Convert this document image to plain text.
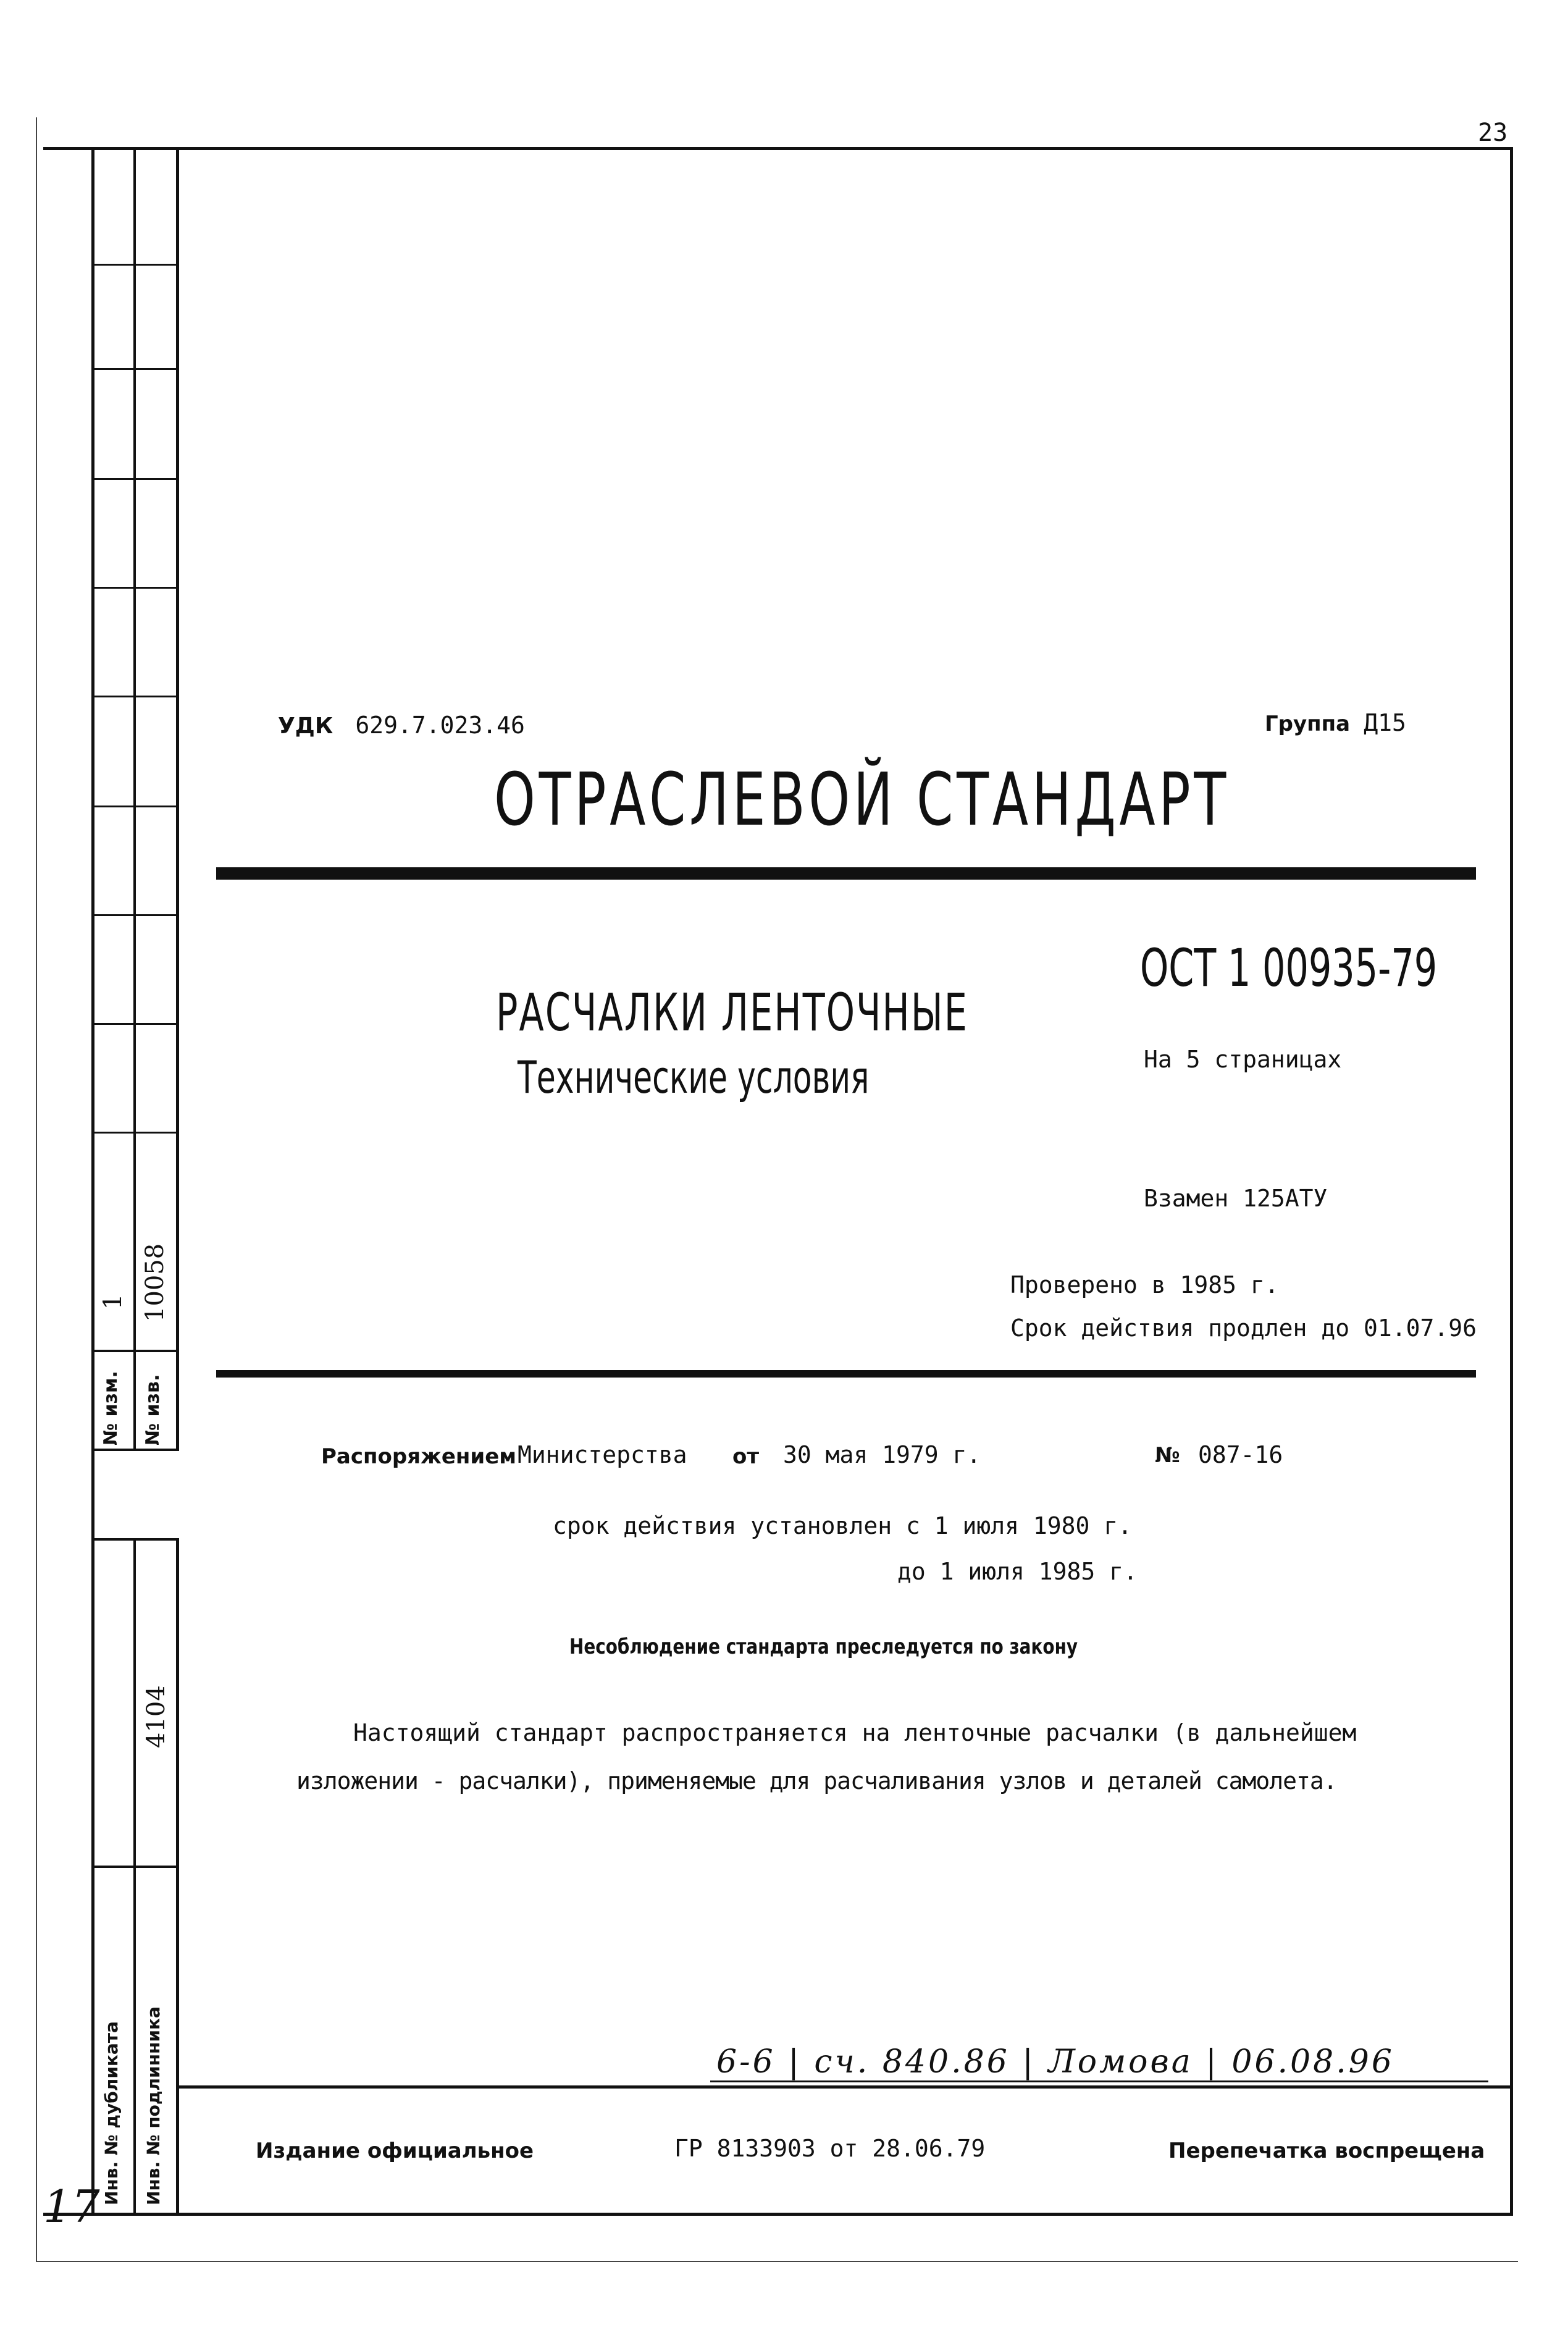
23
1 10058
№ изм. № изв.
4104
Инв. № дубликата Инв. № подлинника
17
УДК 629.7.023.46	Группа Д15
ОТРАСЛЕВОЙ СТАНДАРТ
РАСЧАЛКИ ЛЕНТОЧНЫЕ
Технические условия
ОСТ 1 00935-79
На 5 страницах
Взамен 125АТУ
Проверено в 1985 г.
Срок действия продлен до 01.07.96
Распоряжением Министерства от 30 мая 1979 г.	№ 087-16
срок действия установлен с 1 июля 1980 г.
до 1 июля 1985 г.
Несоблюдение стандарта преследуется по закону
Настоящий стандарт распространяется на ленточные расчалки (в дальнейшем
изложении - расчалки), применяемые для расчаливания узлов и деталей самолета.
6-6 | сч. 840.86 | Ломова | 06.08.96
Издание официальное	ГР 8133903 от 28.06.79	Перепечатка воспрещена
